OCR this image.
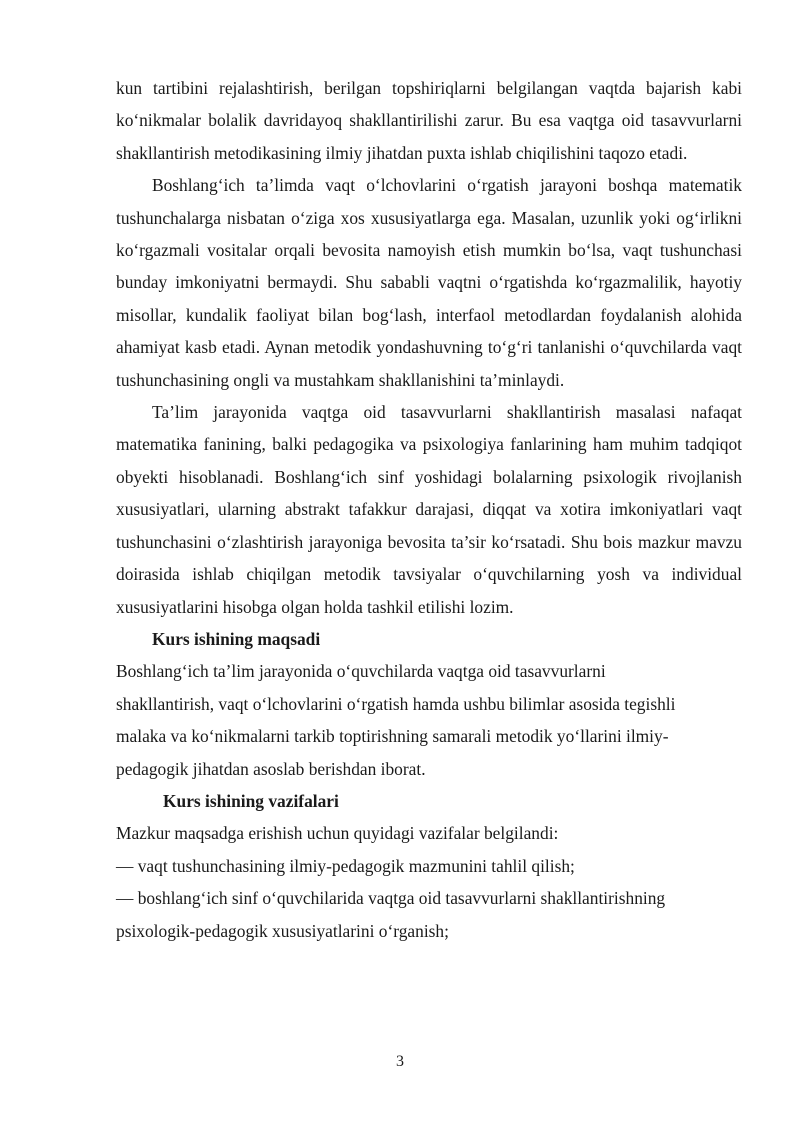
kun tartibini rejalashtirish, berilgan topshiriqlarni belgilangan vaqtda bajarish kabi ko‘nikmalar bolalik davridayoq shakllantirilishi zarur. Bu esa vaqtga oid tasavvurlarni shakllantirish metodikasining ilmiy jihatdan puxta ishlab chiqilishini taqozo etadi.

Boshlang‘ich ta’limda vaqt o‘lchovlarini o‘rgatish jarayoni boshqa matematik tushunchalarga nisbatan o‘ziga xos xususiyatlarga ega. Masalan, uzunlik yoki og‘irlikni ko‘rgazmali vositalar orqali bevosita namoyish etish mumkin bo‘lsa, vaqt tushunchasi bunday imkoniyatni bermaydi. Shu sababli vaqtni o‘rgatishda ko‘rgazmalilik, hayotiy misollar, kundalik faoliyat bilan bog‘lash, interfaol metodlardan foydalanish alohida ahamiyat kasb etadi. Aynan metodik yondashuvning to‘g‘ri tanlanishi o‘quvchilarda vaqt tushunchasining ongli va mustahkam shakllanishini ta’minlaydi.

Ta’lim jarayonida vaqtga oid tasavvurlarni shakllantirish masalasi nafaqat matematika fanining, balki pedagogika va psixologiya fanlarining ham muhim tadqiqot obyekti hisoblanadi. Boshlang‘ich sinf yoshidagi bolalarning psixologik rivojlanish xususiyatlari, ularning abstrakt tafakkur darajasi, diqqat va xotira imkoniyatlari vaqt tushunchasini o‘zlashtirish jarayoniga bevosita ta’sir ko‘rsatadi. Shu bois mazkur mavzu doirasida ishlab chiqilgan metodik tavsiyalar o‘quvchilarning yosh va individual xususiyatlarini hisobga olgan holda tashkil etilishi lozim.

Kurs ishining maqsadi

Boshlang‘ich ta’lim jarayonida o‘quvchilarda vaqtga oid tasavvurlarni

shakllantirish, vaqt o‘lchovlarini o‘rgatish hamda ushbu bilimlar asosida tegishli

malaka va ko‘nikmalarni tarkib toptirishning samarali metodik yo‘llarini ilmiy-

pedagogik jihatdan asoslab berishdan iborat.

Kurs ishining vazifalari

Mazkur maqsadga erishish uchun quyidagi vazifalar belgilandi:

— vaqt tushunchasining ilmiy-pedagogik mazmunini tahlil qilish;

— boshlang‘ich sinf o‘quvchilarida vaqtga oid tasavvurlarni shakllantirishning

psixologik-pedagogik xususiyatlarini o‘rganish;

3
